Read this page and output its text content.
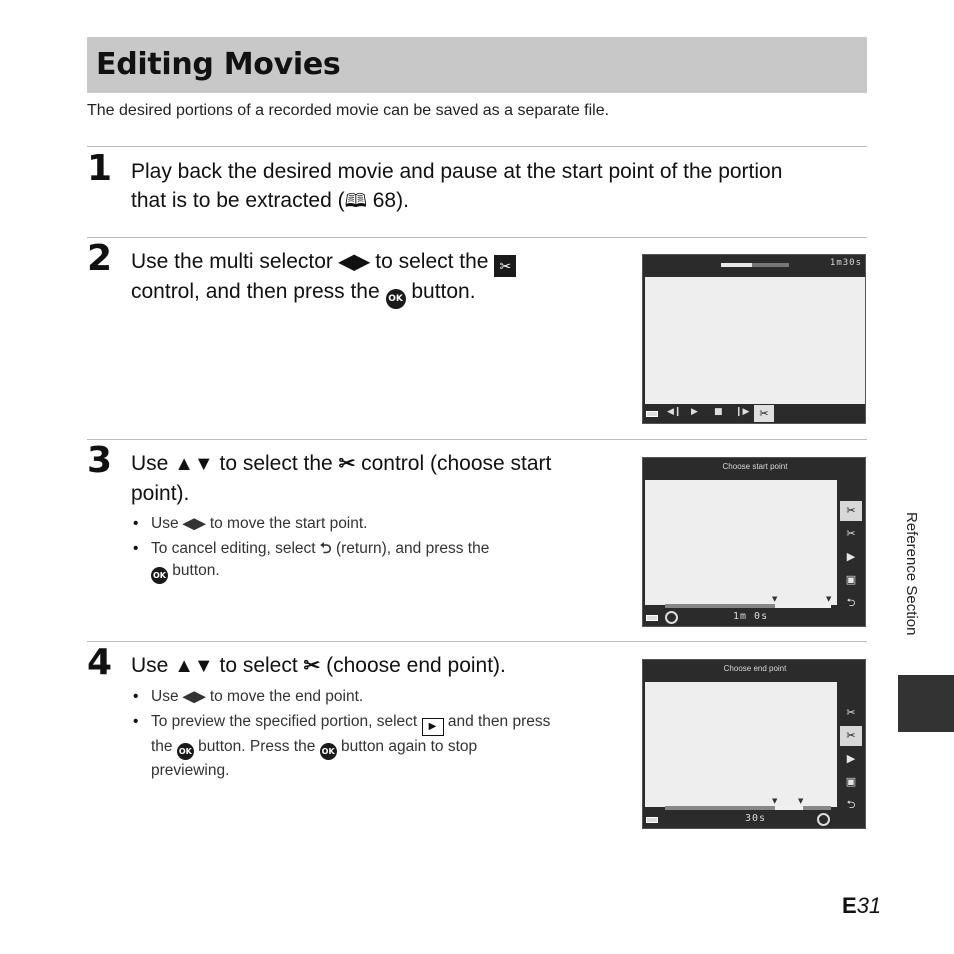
Editing Movies

The desired portions of a recorded movie can be saved as a separate file.

1 Play back the desired movie and pause at the start point of the portion
that is to be extracted (🕮 68).
2 Use the multi selector ◀▶ to select the ✂
control, and then press the OK button.
1m30s
◀❙ ▶ ■ ❙▶ ✂
3 Use ▲▼ to select the ✂ control (choose start
point).
• Use ◀▶ to move the start point.
• To cancel editing, select ⮌ (return), and press the
OK button.
Choose start point
✂
✂
▶
▣
⮌
▼	▼
1m 0s
4 Use ▲▼ to select ✂ (choose end point).
• Use ◀▶ to move the end point.
• To preview the specified portion, select ▶ and then press
the OK button. Press the OK button again to stop
previewing.
Choose end point
✂
✂
▶
▣
⮌
▼	▼
30s
Reference Section
E31
